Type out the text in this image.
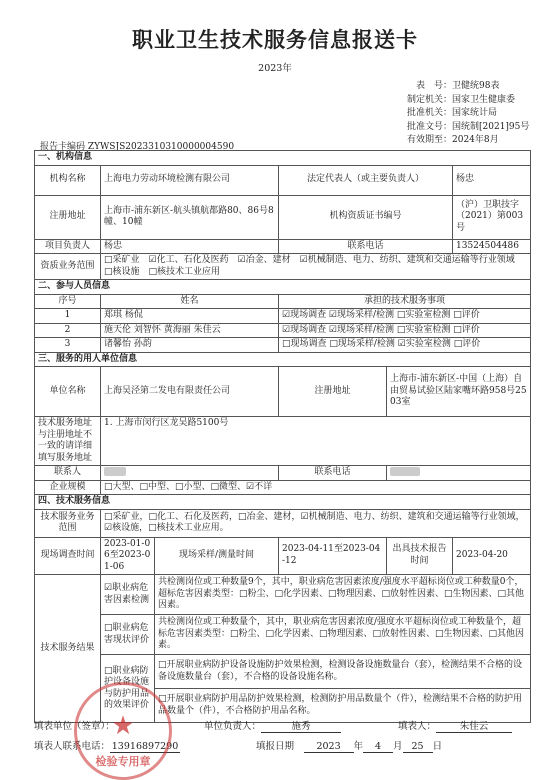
职业卫生技术服务信息报送卡
2023年
表　号：卫健统98表
制定机关：国家卫生健康委
批准机关：国家统计局
批准文号：国统制[2021]95号
有效期至：2024年8月
报告卡编码 ZYWSJS2023310310000004590
一、机构信息					
机构名称	上海电力劳动环境检测有限公司		法定代表人（或主要负责人）		杨忠
注册地址	上海市-浦东新区-航头镇航都路80、86号8幢、10幢		机构资质证书编号		（沪）卫职技字（2021）第003号
项目负责人	杨忠		联系电话		13524504486
资质业务范围	□采矿业　☑化工、石化及医药　☑冶金、建材　☑机械制造、电力、纺织、建筑和交通运输等行业领域　□核设施　□核技术工业应用				
二、参与人员信息					
序号	姓名		承担的技术服务事项		
1	郑琪 杨侃		☑现场调查 ☑现场采样/检测 □实验室检测 □评价		
2	施天伦 刘智怀 黄海丽 朱佳云		☑现场调查 ☑现场采样/检测 □实验室检测 □评价		
3	诸馨怡 孙韵		□现场调查 □现场采样/检测 ☑实验室检测 □评价		
三、服务的用人单位信息					
单位名称	上海吴泾第二发电有限责任公司		注册地址	上海市-浦东新区-中国（上海）自由贸易试验区陆家嘴环路958号2503室	
技术服务地址与注册地址不一致的请详细填写服务地址	1. 上海市闵行区龙吴路5100号				
联系人			联系电话		
企业规模	□大型、□中型、□小型、□微型、☑不详				
四、技术服务信息					
技术服务业务范围	□采矿业，□化工、石化及医药，□冶金、建材，☑机械制造、电力、纺织、建筑和交通运输等行业领域，☑核设施，□核技术工业应用。				
现场调查时间	2023-01-06至2023-01-06	现场采样/测量时间	2023-04-11至2023-04-12	出具技术报告时间	2023-04-20
技术服务结果	☑职业病危害因素检测	共检测岗位或工种数量9个，其中，职业病危害因素浓度/强度水平超标岗位或工种数量0个，超标危害因素类型：□粉尘、□化学因素、□物理因素、□放射性因素、□生物因素、□其他因素。			
	□职业病危害现状评价	共检测岗位或工种数量个，其中，职业病危害因素浓度/强度水平超标岗位或工种数量个，超标危害因素类型：□粉尘、□化学因素、□物理因素、□放射性因素、□生物因素、□其他因素。			
	□职业病防护设备设施与防护用品的效果评价	□开展职业病防护设备设施防护效果检测，检测设备设施数量台（套），检测结果不合格的设备设施数量台（套），不合格的设备设施名称。			
		□开展职业病防护用品防护效果检测，检测防护用品数量个（件），检测结果不合格的防护用品数量个（件），不合格防护用品名称。			
填表单位（签章）：	单位负责人：	施秀	填表人： 朱佳云
填表人联系电话： 13916897290	填报日期　 2023 年 4 月 25 日
★
检验专用章
